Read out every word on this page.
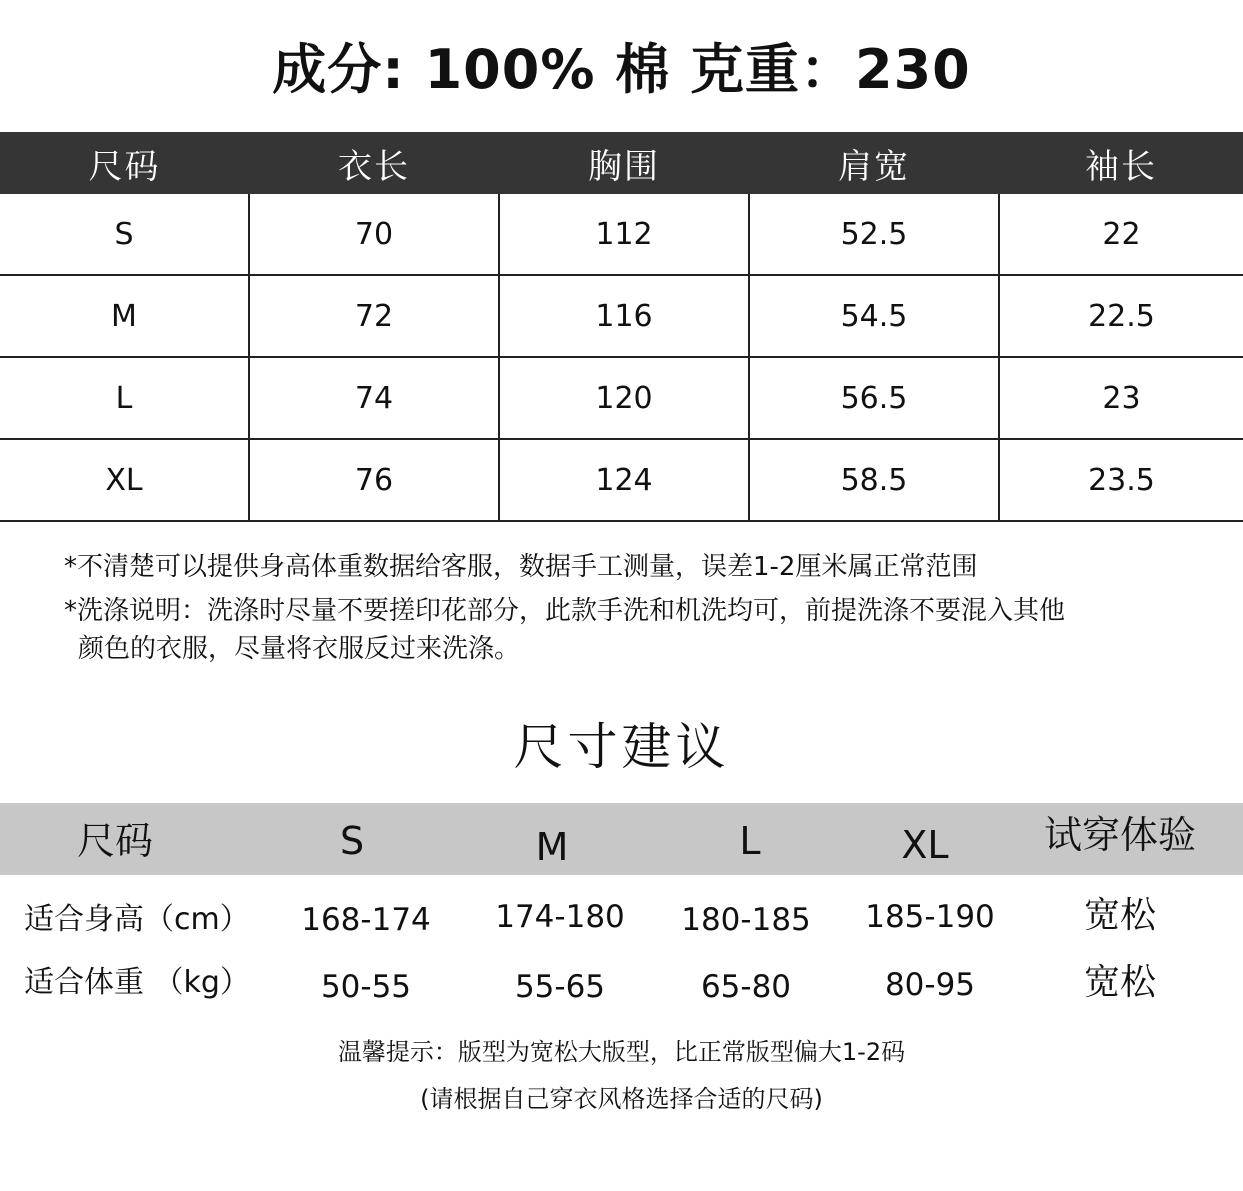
成分: 100% 棉 克重：230
尺码	衣长	胸围	肩宽	袖长
S	70	112	52.5	22
M	72	116	54.5	22.5
L	74	120	56.5	23
XL	76	124	58.5	23.5

*不清楚可以提供身高体重数据给客服，数据手工测量，误差1-2厘米属正常范围

*洗涤说明：洗涤时尽量不要搓印花部分，此款手洗和机洗均可，前提洗涤不要混入其他

颜色的衣服，尽量将衣服反过来洗涤。

尺寸建议
尺码	S	M	L	XL	试穿体验
适合身高（cm）	168-174 174-180 180-185 185-190	宽松
适合体重 （kg）	50-55	55-65	65-80	80-95	宽松
温馨提示：版型为宽松大版型，比正常版型偏大1-2码
(请根据自己穿衣风格选择合适的尺码)
